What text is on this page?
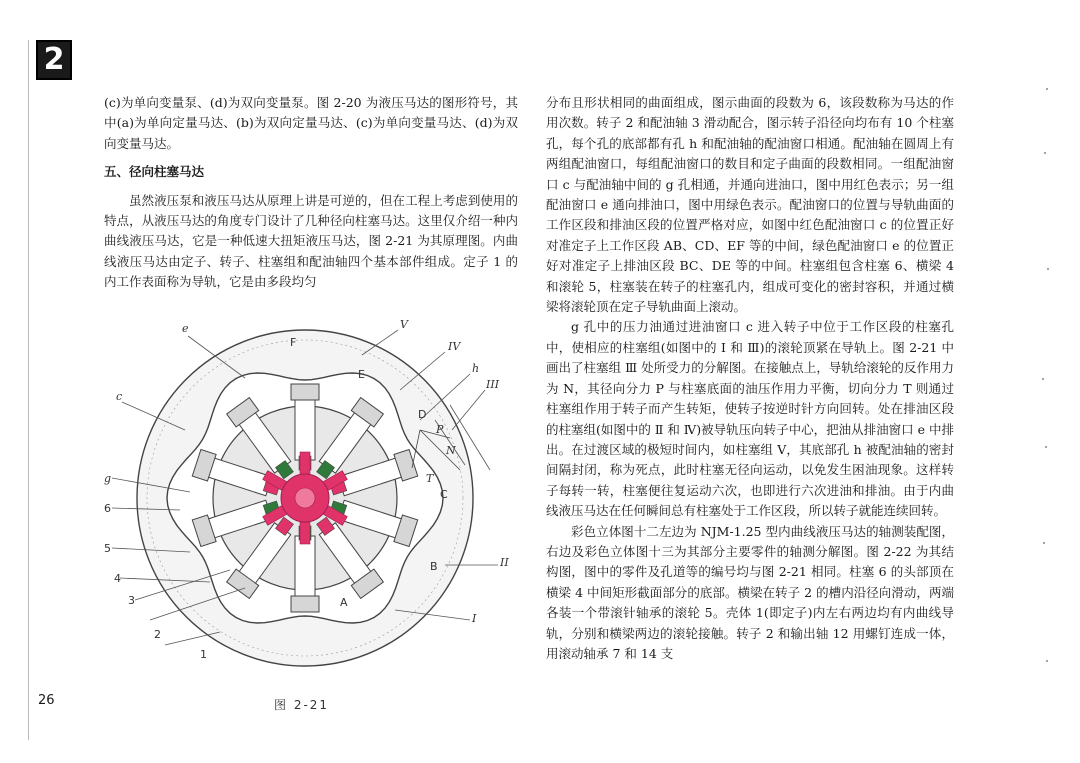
2

(c)为单向变量泵、(d)为双向变量泵。图 2-20 为液压马达的图形符号，其中(a)为单向定量马达、(b)为双向定量马达、(c)为单向变量马达、(d)为双向变量马达。

五、径向柱塞马达

虽然液压泵和液压马达从原理上讲是可逆的，但在工程上考虑到使用的特点，从液压马达的角度专门设计了几种径向柱塞马达。这里仅介绍一种内曲线液压马达，它是一种低速大扭矩液压马达，图 2-21 为其原理图。内曲线液压马达由定子、转子、柱塞组和配油轴四个基本部件组成。定子 1 的内工作表面称为导轨，它是由多段均匀

分布且形状相同的曲面组成，图示曲面的段数为 6，该段数称为马达的作用次数。转子 2 和配油轴 3 滑动配合，图示转子沿径向均布有 10 个柱塞孔，每个孔的底部都有孔 h 和配油轴的配油窗口相通。配油轴在圆周上有两组配油窗口，每组配油窗口的数目和定子曲面的段数相同。一组配油窗口 c 与配油轴中间的 g 孔相通，并通向进油口，图中用红色表示；另一组配油窗口 e 通向排油口，图中用绿色表示。配油窗口的位置与导轨曲面的工作区段和排油区段的位置严格对应，如图中红色配油窗口 c 的位置正好对准定子上工作区段 AB、CD、EF 等的中间，绿色配油窗口 e 的位置正好对准定子上排油区段 BC、DE 等的中间。柱塞组包含柱塞 6、横梁 4 和滚轮 5，柱塞装在转子的柱塞孔内，组成可变化的密封容积，并通过横梁将滚轮顶在定子导轨曲面上滚动。

g 孔中的压力油通过进油窗口 c 进入转子中位于工作区段的柱塞孔中，使相应的柱塞组(如图中的 Ⅰ 和 Ⅲ)的滚轮顶紧在导轨上。图 2-21 中画出了柱塞组 Ⅲ 处所受力的分解图。在接触点上，导轨给滚轮的反作用力为 N，其径向分力 P 与柱塞底面的油压作用力平衡，切向分力 T 则通过柱塞组作用于转子而产生转矩，使转子按逆时针方向回转。处在排油区段的柱塞组(如图中的 Ⅱ 和 Ⅳ)被导轨压向转子中心，把油从排油窗口 e 中排出。在过渡区域的极短时间内，如柱塞组 Ⅴ，其底部孔 h 被配油轴的密封间隔封闭，称为死点，此时柱塞无径向运动，以免发生困油现象。这样转子每转一转，柱塞便往复运动六次，也即进行六次进油和排油。由于内曲线液压马达在任何瞬间总有柱塞处于工作区段，所以转子就能连续回转。

彩色立体图十二左边为 NJM-1.25 型内曲线液压马达的轴测装配图，右边及彩色立体图十三为其部分主要零件的轴测分解图。图 2-22 为其结构图，图中的零件及孔道等的编号均与图 2-21 相同。柱塞 6 的头部顶在横梁 4 中间矩形截面部分的底部。横梁在转子 2 的槽内沿径向滑动，两端各装一个带滚针轴承的滚轮 5。壳体 1(即定子)内左右两边均有内曲线导轨，分别和横梁两边的滚轮接触。转子 2 和输出轴 12 用螺钉连成一体，用滚动轴承 7 和 14 支

e	V
F	IV
h
E
III
c
D
P
N
T
C
g
6
5
4
3
2
1
I
II
A
B
图 2-21
26
